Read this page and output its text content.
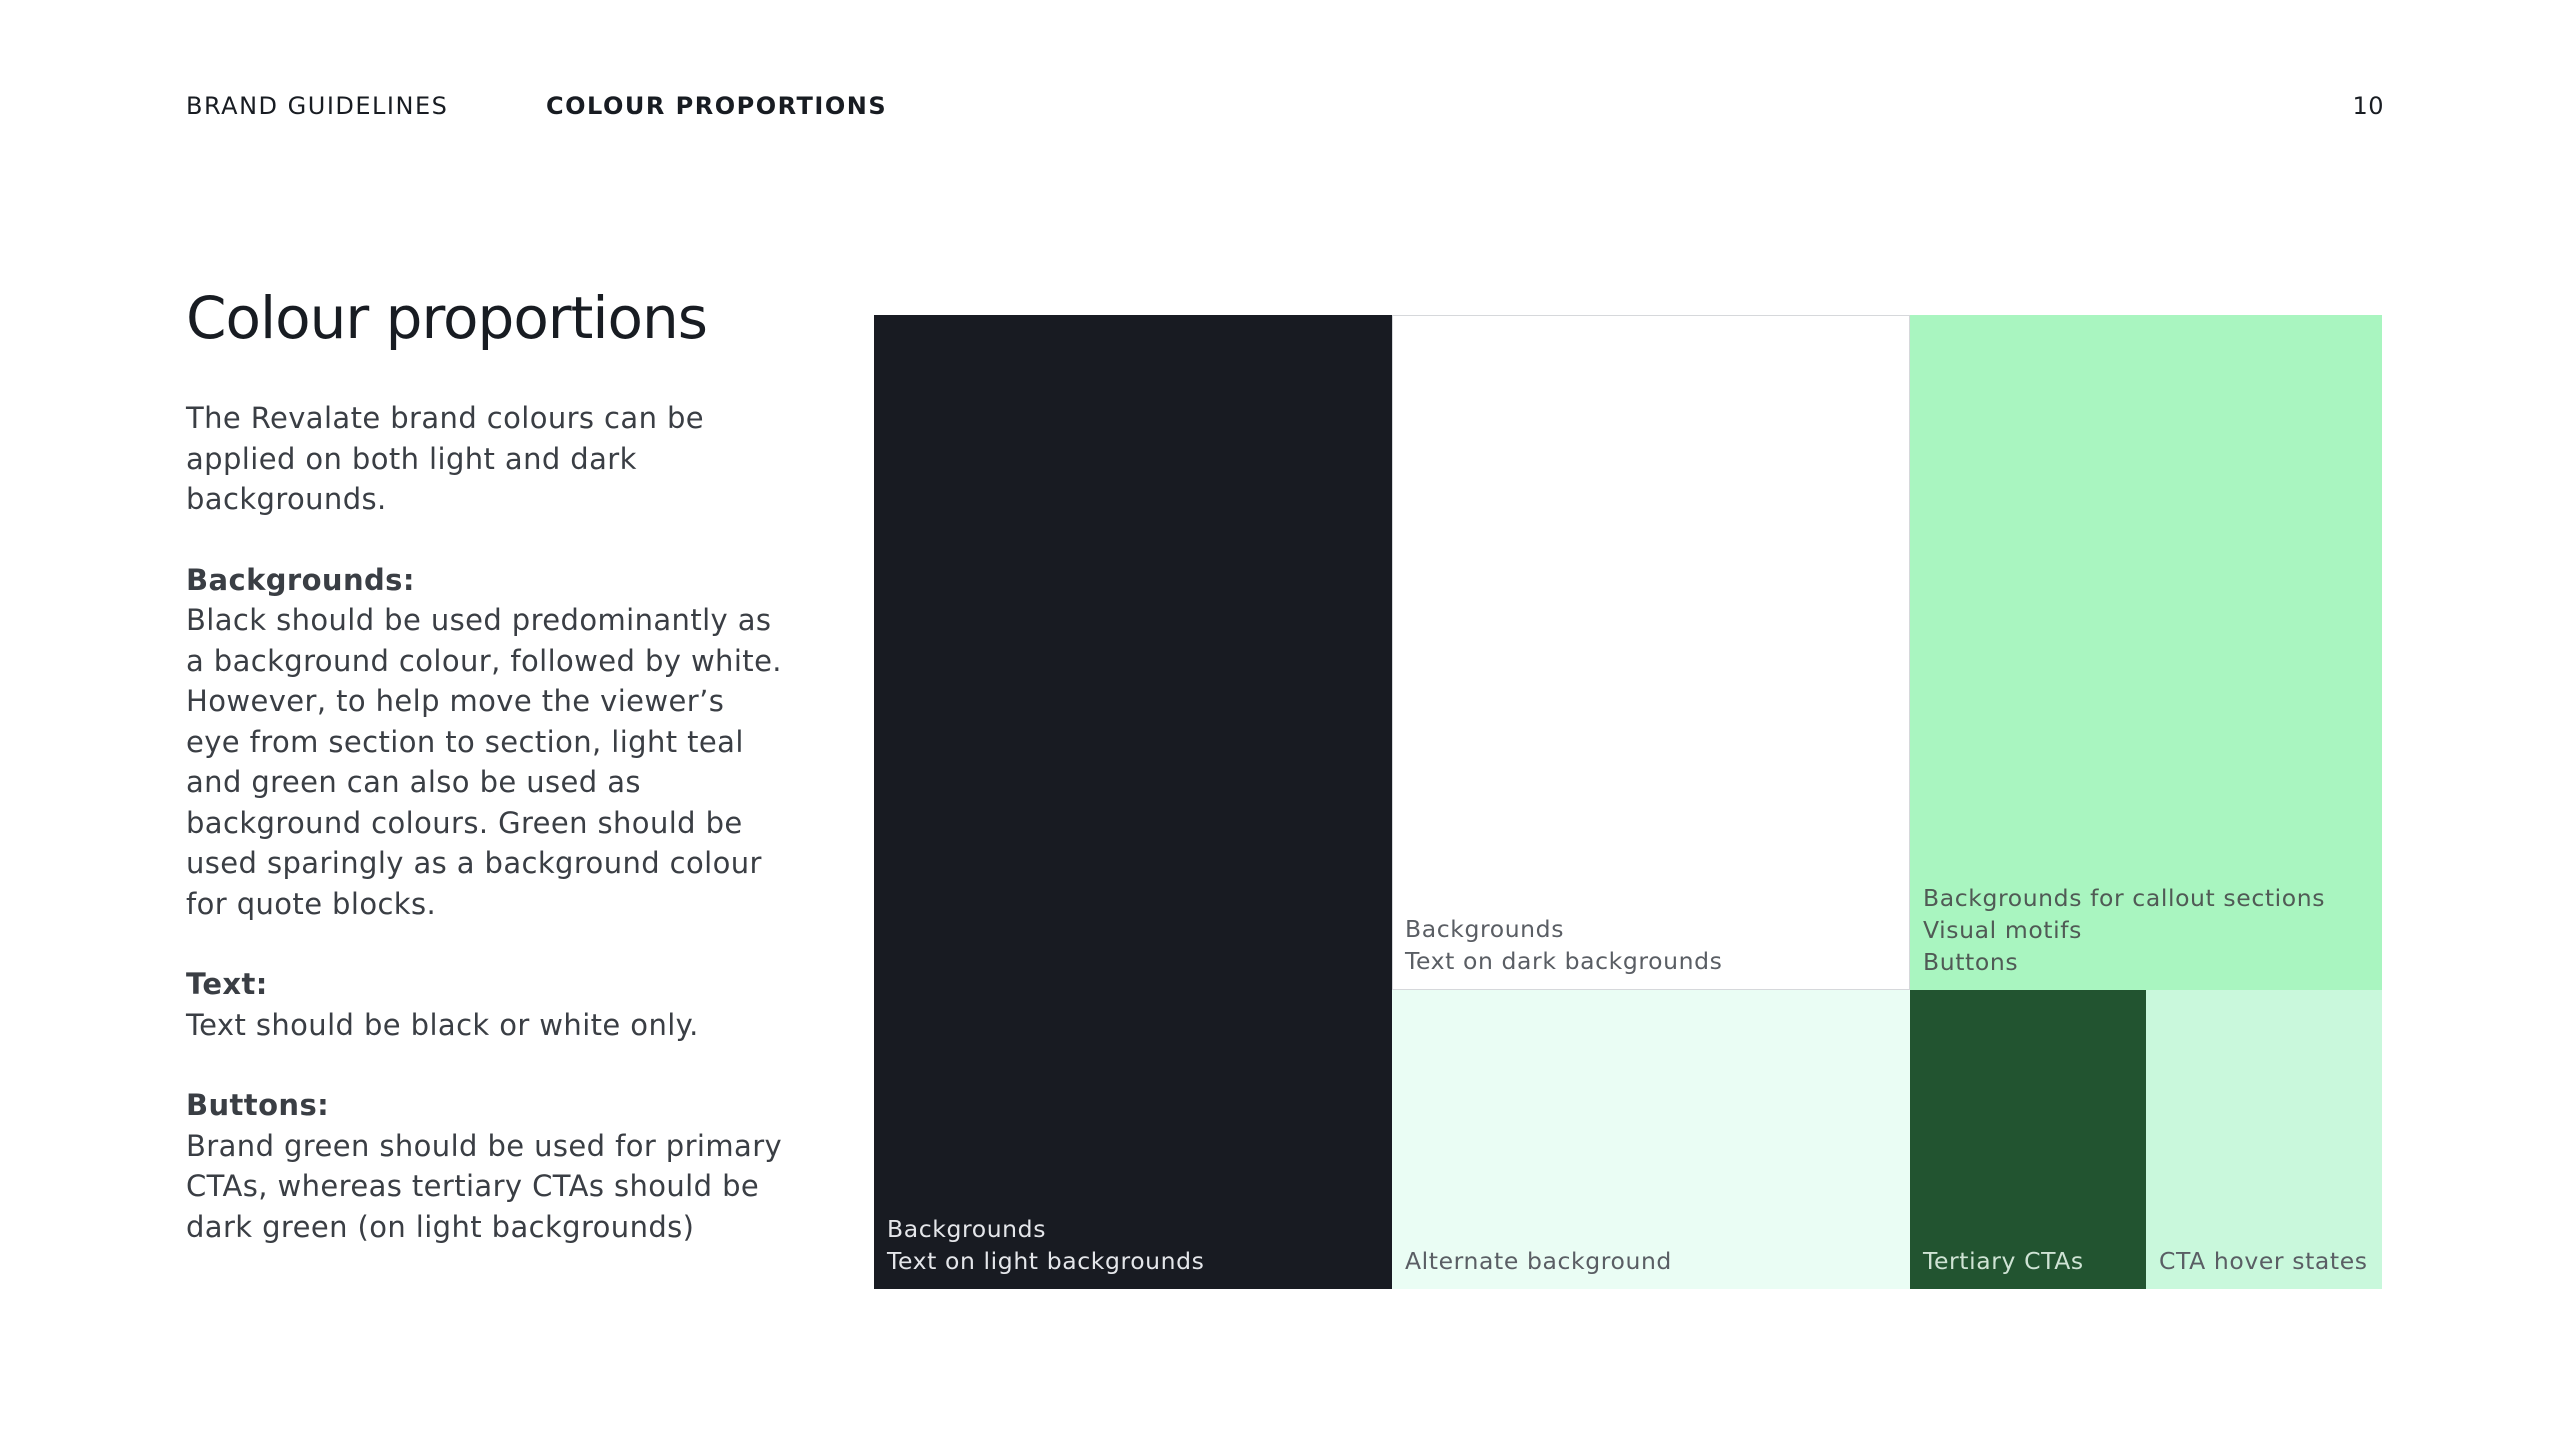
BRAND GUIDELINES	COLOUR PROPORTIONS	10
Colour proportions

The Revalate brand colours can be applied on both light and dark backgrounds.

Backgrounds:
Black should be used predominantly as a background colour, followed by white. However, to help move the viewer’s eye from section to section, light teal and green can also be used as background colours. Green should be used sparingly as a background colour for quote blocks.

Text:
Text should be black or white only.

Buttons:
Brand green should be used for primary CTAs, whereas tertiary CTAs should be dark green (on light backgrounds)	Backgrounds
Text on light backgrounds
Backgrounds
Text on dark backgrounds
Backgrounds for callout sections
Visual motifs
Buttons
Alternate background	Tertiary CTAs	CTA hover states
